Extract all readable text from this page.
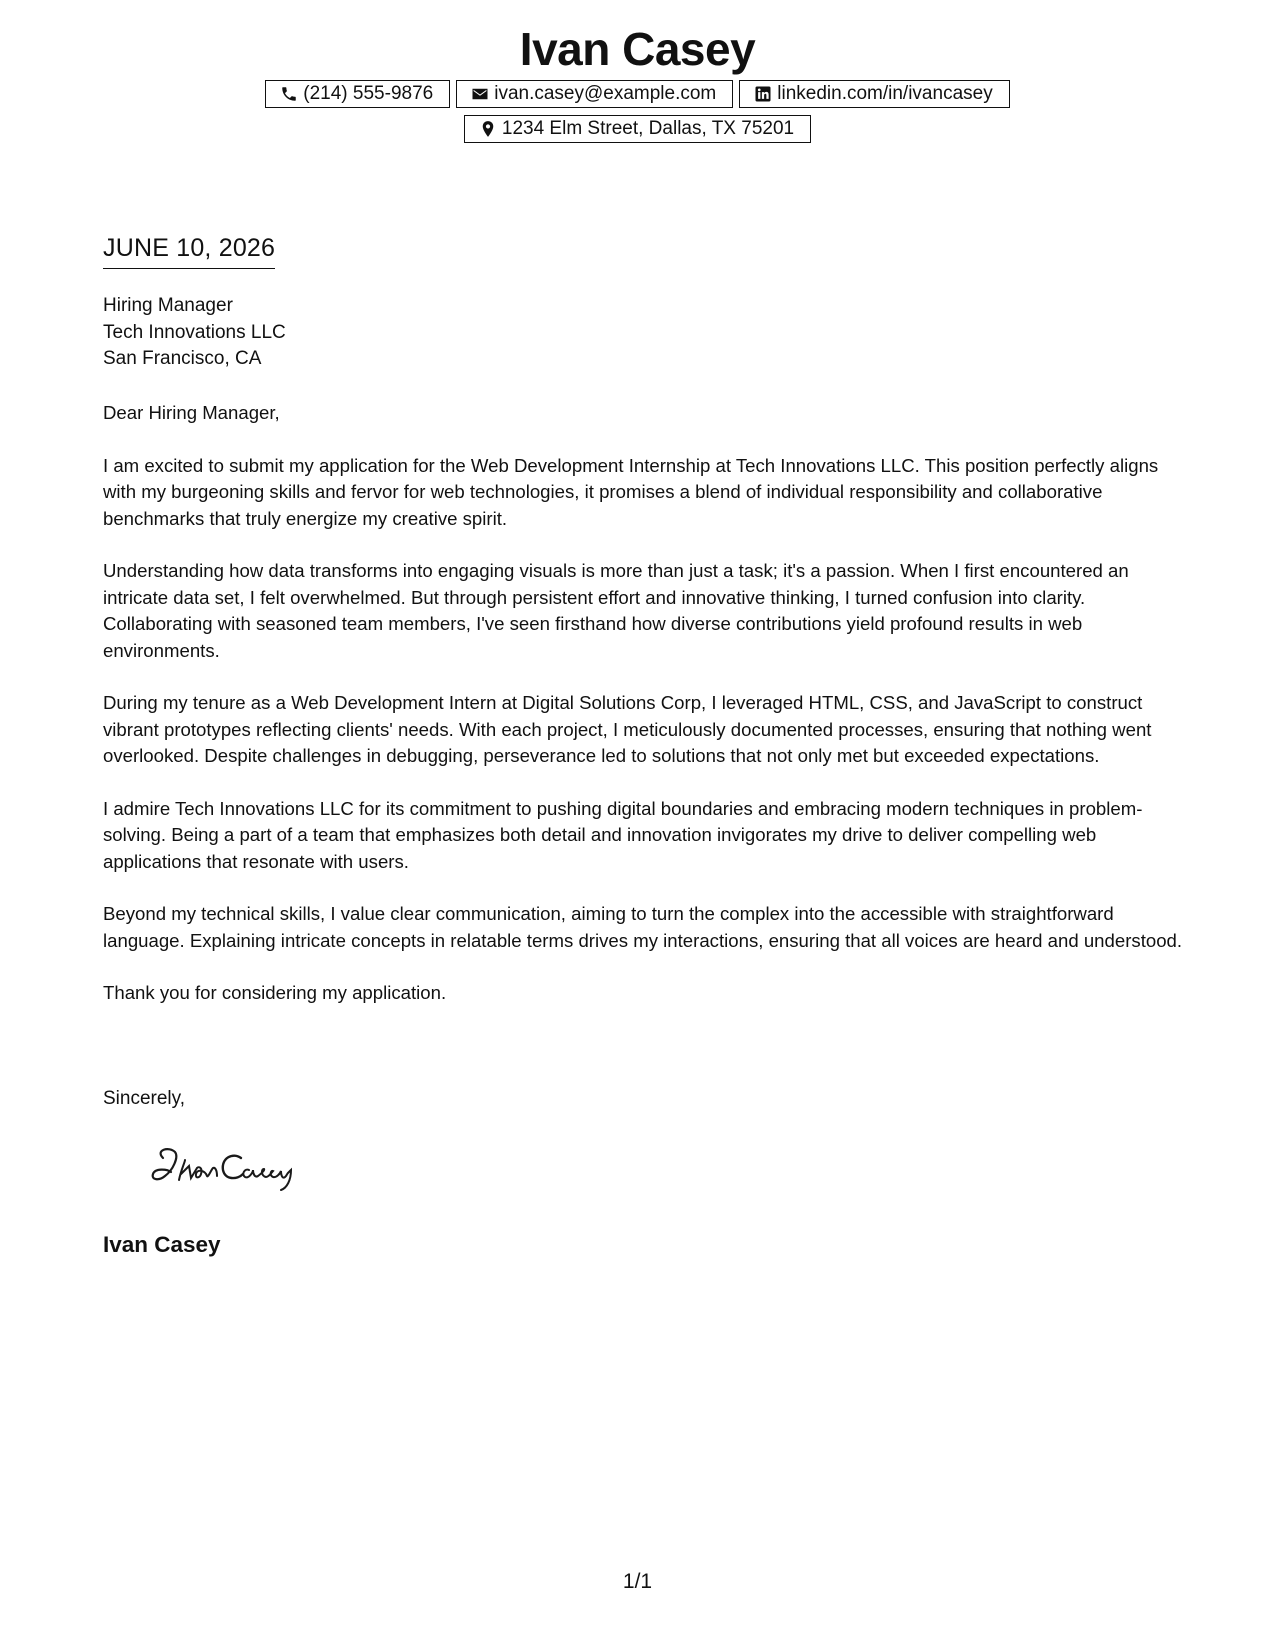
Ivan Casey
(214) 555-9876	ivan.casey@example.com	linkedin.com/in/ivancasey
1234 Elm Street, Dallas, TX 75201
JUNE 10, 2026
Hiring Manager
Tech Innovations LLC
San Francisco, CA

Dear Hiring Manager,

I am excited to submit my application for the Web Development Internship at Tech Innovations LLC. This position perfectly aligns with my burgeoning skills and fervor for web technologies, it promises a blend of individual responsibility and collaborative benchmarks that truly energize my creative spirit.

Understanding how data transforms into engaging visuals is more than just a task; it's a passion. When I first encountered an intricate data set, I felt overwhelmed. But through persistent effort and innovative thinking, I turned confusion into clarity. Collaborating with seasoned team members, I've seen firsthand how diverse contributions yield profound results in web environments.

During my tenure as a Web Development Intern at Digital Solutions Corp, I leveraged HTML, CSS, and JavaScript to construct vibrant prototypes reflecting clients' needs. With each project, I meticulously documented processes, ensuring that nothing went overlooked. Despite challenges in debugging, perseverance led to solutions that not only met but exceeded expectations.

I admire Tech Innovations LLC for its commitment to pushing digital boundaries and embracing modern techniques in problem-solving. Being a part of a team that emphasizes both detail and innovation invigorates my drive to deliver compelling web applications that resonate with users.

Beyond my technical skills, I value clear communication, aiming to turn the complex into the accessible with straightforward language. Explaining intricate concepts in relatable terms drives my interactions, ensuring that all voices are heard and understood.

Thank you for considering my application.

Sincerely,

Ivan Casey

1/1
